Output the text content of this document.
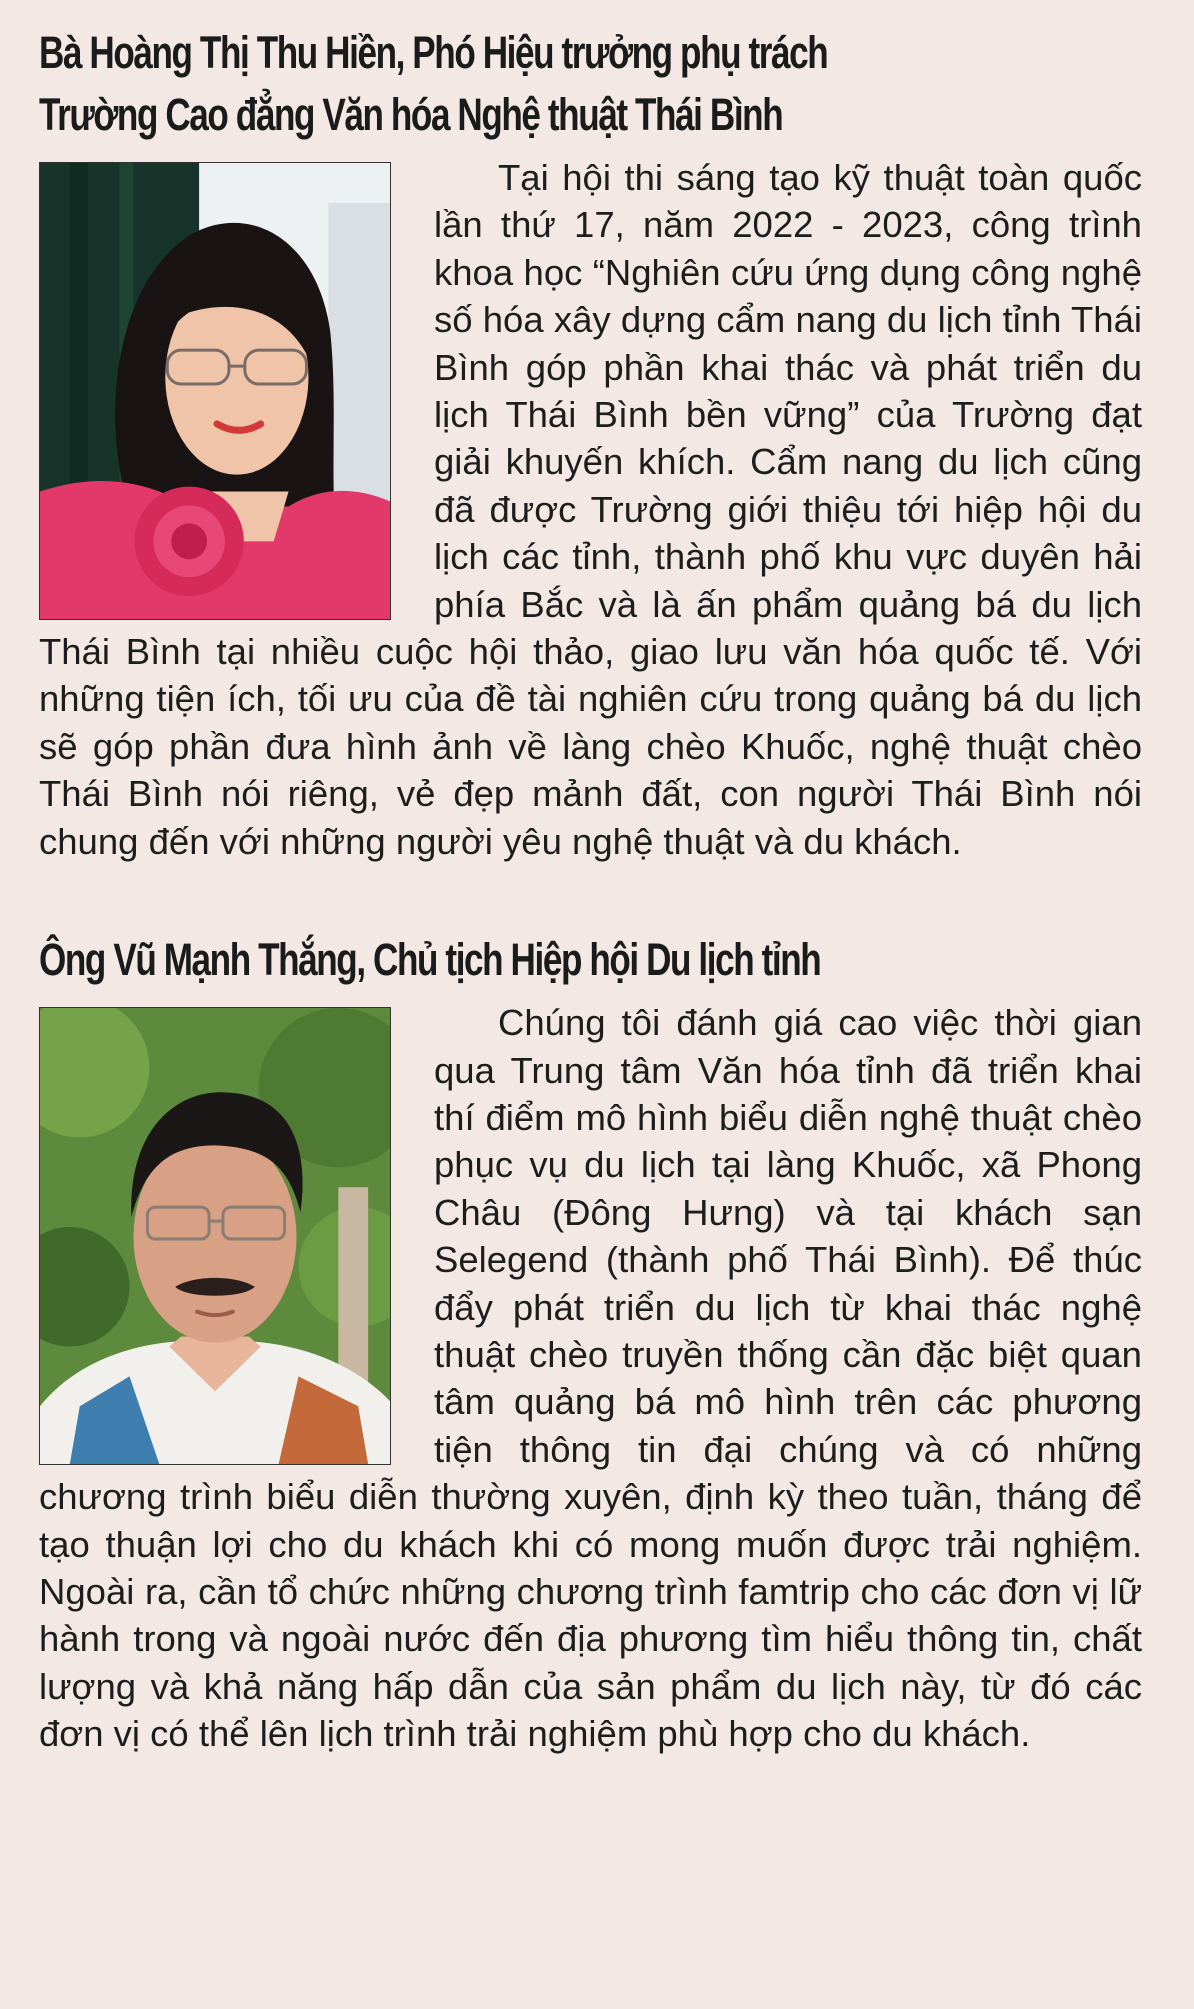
Bà Hoàng Thị Thu Hiền, Phó Hiệu trưởng phụ trách
Trường Cao đẳng Văn hóa Nghệ thuật Thái Bình
Tại hội thi sáng tạo kỹ thuật toàn quốc lần thứ 17, năm 2022 - 2023, công trình khoa học “Nghiên cứu ứng dụng công nghệ số hóa xây dựng cẩm nang du lịch tỉnh Thái Bình góp phần khai thác và phát triển du lịch Thái Bình bền vững” của Trường đạt giải khuyến khích. Cẩm nang du lịch cũng đã được Trường giới thiệu tới hiệp hội du lịch các tỉnh, thành phố khu vực duyên hải phía Bắc và là ấn phẩm quảng bá du lịch Thái Bình tại nhiều cuộc hội thảo, giao lưu văn hóa quốc tế. Với những tiện ích, tối ưu của đề tài nghiên cứu trong quảng bá du lịch sẽ góp phần đưa hình ảnh về làng chèo Khuốc, nghệ thuật chèo Thái Bình nói riêng, vẻ đẹp mảnh đất, con người Thái Bình nói chung đến với những người yêu nghệ thuật và du khách.
Ông Vũ Mạnh Thắng, Chủ tịch Hiệp hội Du lịch tỉnh
Chúng tôi đánh giá cao việc thời gian qua Trung tâm Văn hóa tỉnh đã triển khai thí điểm mô hình biểu diễn nghệ thuật chèo phục vụ du lịch tại làng Khuốc, xã Phong Châu (Đông Hưng) và tại khách sạn Selegend (thành phố Thái Bình). Để thúc đẩy phát triển du lịch từ khai thác nghệ thuật chèo truyền thống cần đặc biệt quan tâm quảng bá mô hình trên các phương tiện thông tin đại chúng và có những chương trình biểu diễn thường xuyên, định kỳ theo tuần, tháng để tạo thuận lợi cho du khách khi có mong muốn được trải nghiệm. Ngoài ra, cần tổ chức những chương trình famtrip cho các đơn vị lữ hành trong và ngoài nước đến địa phương tìm hiểu thông tin, chất lượng và khả năng hấp dẫn của sản phẩm du lịch này, từ đó các đơn vị có thể lên lịch trình trải nghiệm phù hợp cho du khách.
